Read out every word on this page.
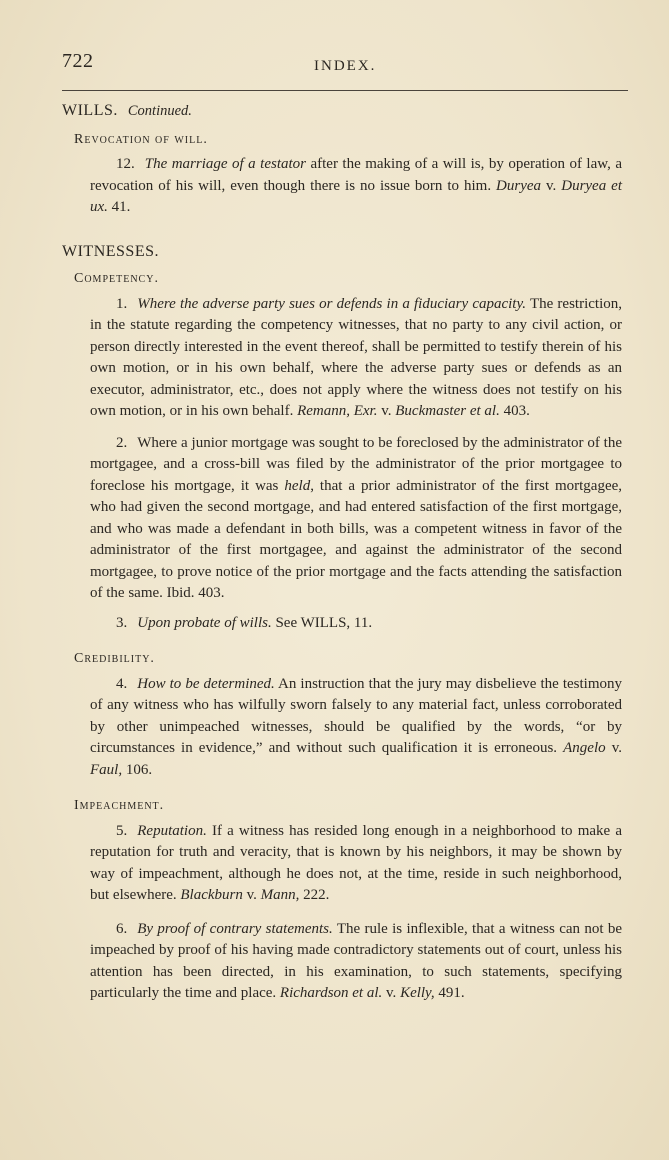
722	INDEX.
WILLS. Continued.
Revocation of will.

12. The marriage of a testator after the making of a will is, by operation of law, a revocation of his will, even though there is no issue born to him. Duryea v. Duryea et ux. 41.

WITNESSES.
Competency.

1. Where the adverse party sues or defends in a fiduciary capacity. The restriction, in the statute regarding the competency witnesses, that no party to any civil action, or person directly interested in the event thereof, shall be permitted to testify therein of his own motion, or in his own behalf, where the adverse party sues or defends as an executor, administrator, etc., does not apply where the witness does not testify on his own motion, or in his own behalf. Remann, Exr. v. Buckmaster et al. 403.

2. Where a junior mortgage was sought to be foreclosed by the administrator of the mortgagee, and a cross-bill was filed by the administrator of the prior mortgagee to foreclose his mortgage, it was held, that a prior administrator of the first mortgagee, who had given the second mortgage, and had entered satisfaction of the first mortgage, and who was made a defendant in both bills, was a competent witness in favor of the administrator of the first mortgagee, and against the administrator of the second mortgagee, to prove notice of the prior mortgage and the facts attending the satisfaction of the same. Ibid. 403.

3. Upon probate of wills. See WILLS, 11.

Credibility.

4. How to be determined. An instruction that the jury may disbelieve the testimony of any witness who has wilfully sworn falsely to any material fact, unless corroborated by other unimpeached witnesses, should be qualified by the words, “or by circumstances in evidence,” and without such qualification it is erroneous. Angelo v. Faul, 106.

Impeachment.

5. Reputation. If a witness has resided long enough in a neighborhood to make a reputation for truth and veracity, that is known by his neighbors, it may be shown by way of impeachment, although he does not, at the time, reside in such neighborhood, but elsewhere. Blackburn v. Mann, 222.

6. By proof of contrary statements. The rule is inflexible, that a witness can not be impeached by proof of his having made contradictory statements out of court, unless his attention has been directed, in his examination, to such statements, specifying particularly the time and place. Richardson et al. v. Kelly, 491.
